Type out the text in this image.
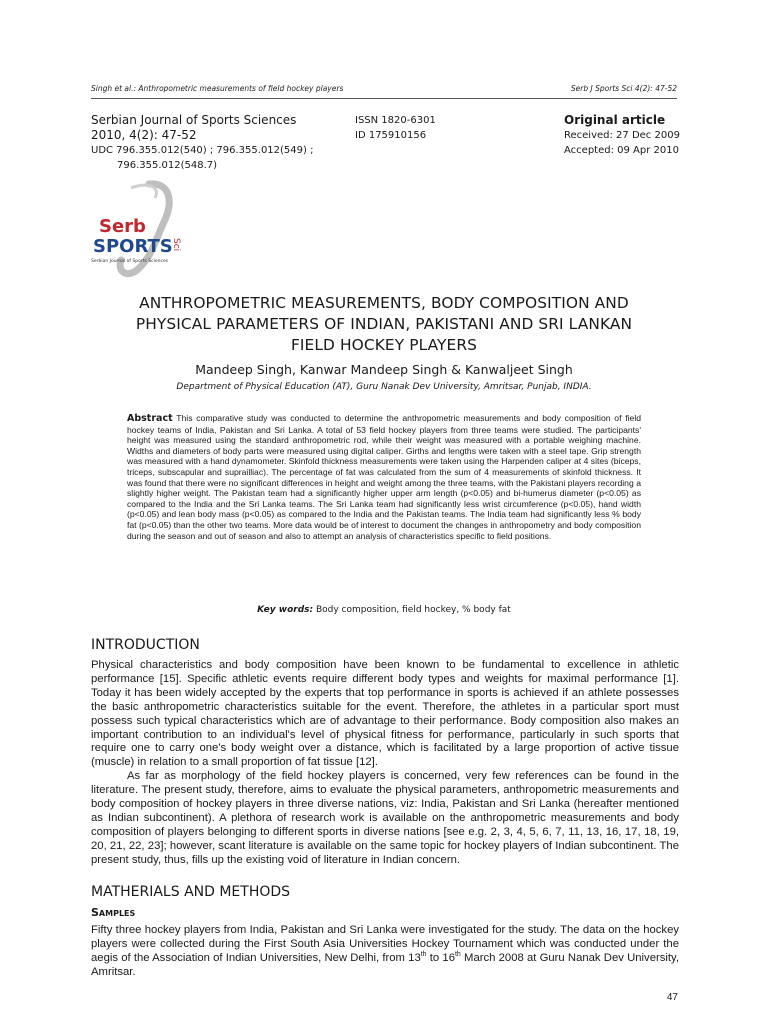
Singh et al.: Anthropometric measurements of field hockey players	Serb J Sports Sci 4(2): 47-52
Serbian Journal of Sports Sciences
2010, 4(2): 47-52
UDC 796.355.012(540) ; 796.355.012(549) ;
796.355.012(548.7)
ISSN 1820-6301
ID 175910156
Original article
Received: 27 Dec 2009
Accepted: 09 Apr 2010
Serb
SPORTS
Sci
Serbian Journal of Sports Sciences
ANTHROPOMETRIC MEASUREMENTS, BODY COMPOSITION AND
PHYSICAL PARAMETERS OF INDIAN, PAKISTANI AND SRI LANKAN
FIELD HOCKEY PLAYERS
Mandeep Singh, Kanwar Mandeep Singh & Kanwaljeet Singh
Department of Physical Education (AT), Guru Nanak Dev University, Amritsar, Punjab, INDIA.
Abstract This comparative study was conducted to determine the anthropometric measurements and body composition of field hockey teams of India, Pakistan and Sri Lanka. A total of 53 field hockey players from three teams were studied. The participants' height was measured using the standard anthropometric rod, while their weight was measured with a portable weighing machine. Widths and diameters of body parts were measured using digital caliper. Girths and lengths were taken with a steel tape. Grip strength was measured with a hand dynamometer. Skinfold thickness measurements were taken using the Harpenden caliper at 4 sites (biceps, triceps, subscapular and suprailliac). The percentage of fat was calculated from the sum of 4 measurements of skinfold thickness. It was found that there were no significant differences in height and weight among the three teams, with the Pakistani players recording a slightly higher weight. The Pakistan team had a significantly higher upper arm length (p<0.05) and bi-humerus diameter (p<0.05) as compared to the India and the Sri Lanka teams. The Sri Lanka team had significantly less wrist circumference (p<0.05), hand width (p<0.05) and lean body mass (p<0.05) as compared to the India and the Pakistan teams. The India team had significantly less % body fat (p<0.05) than the other two teams. More data would be of interest to document the changes in anthropometry and body composition during the season and out of season and also to attempt an analysis of characteristics specific to field positions.
Key words: Body composition, field hockey, % body fat
INTRODUCTION

Physical characteristics and body composition have been known to be fundamental to excellence in athletic performance [15]. Specific athletic events require different body types and weights for maximal performance [1]. Today it has been widely accepted by the experts that top performance in sports is achieved if an athlete possesses the basic anthropometric characteristics suitable for the event. Therefore, the athletes in a particular sport must possess such typical characteristics which are of advantage to their performance. Body composition also makes an important contribution to an individual's level of physical fitness for performance, particularly in such sports that require one to carry one's body weight over a distance, which is facilitated by a large proportion of active tissue (muscle) in relation to a small proportion of fat tissue [12].

As far as morphology of the field hockey players is concerned, very few references can be found in the literature. The present study, therefore, aims to evaluate the physical parameters, anthropometric measurements and body composition of hockey players in three diverse nations, viz: India, Pakistan and Sri Lanka (hereafter mentioned as Indian subcontinent). A plethora of research work is available on the anthropometric measurements and body composition of players belonging to different sports in diverse nations [see e.g. 2, 3, 4, 5, 6, 7, 11, 13, 16, 17, 18, 19, 20, 21, 22, 23]; however, scant literature is available on the same topic for hockey players of Indian subcontinent. The present study, thus, fills up the existing void of literature in Indian concern.

MATHERIALS AND METHODS
Samples

Fifty three hockey players from India, Pakistan and Sri Lanka were investigated for the study. The data on the hockey players were collected during the First South Asia Universities Hockey Tournament which was conducted under the aegis of the Association of Indian Universities, New Delhi, from 13th to 16th March 2008 at Guru Nanak Dev University, Amritsar.

47
